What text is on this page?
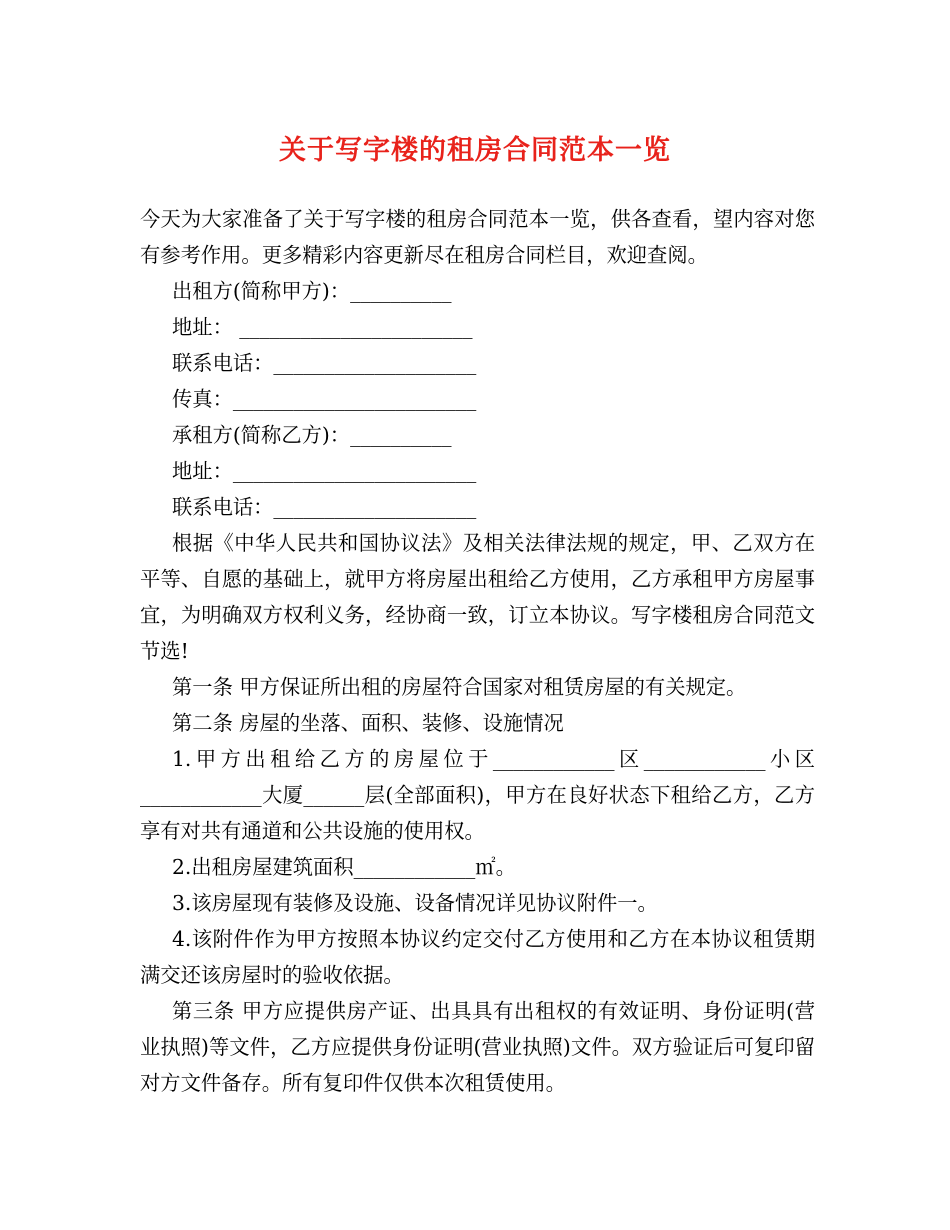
关于写字楼的租房合同范本一览

今天为大家准备了关于写字楼的租房合同范本一览，供各查看，望内容对您有参考作用。更多精彩内容更新尽在租房合同栏目，欢迎查阅。

出租方(简称甲方)：__________

地址： _______________________

联系电话：____________________

传真：________________________

承租方(简称乙方)：__________

地址：________________________

联系电话：____________________

根据《中华人民共和国协议法》及相关法律法规的规定，甲、乙双方在平等、自愿的基础上，就甲方将房屋出租给乙方使用，乙方承租甲方房屋事宜，为明确双方权利义务，经协商一致，订立本协议。写字楼租房合同范文节选!

第一条 甲方保证所出租的房屋符合国家对租赁房屋的有关规定。

第二条 房屋的坐落、面积、装修、设施情况

1.甲方出租给乙方的房屋位于____________区____________小区____________大厦______层(全部面积)，甲方在良好状态下租给乙方，乙方享有对共有通道和公共设施的使用权。

2.出租房屋建筑面积____________㎡。

3.该房屋现有装修及设施、设备情况详见协议附件一。

4.该附件作为甲方按照本协议约定交付乙方使用和乙方在本协议租赁期满交还该房屋时的验收依据。

第三条 甲方应提供房产证、出具具有出租权的有效证明、身份证明(营业执照)等文件，乙方应提供身份证明(营业执照)文件。双方验证后可复印留对方文件备存。所有复印件仅供本次租赁使用。
